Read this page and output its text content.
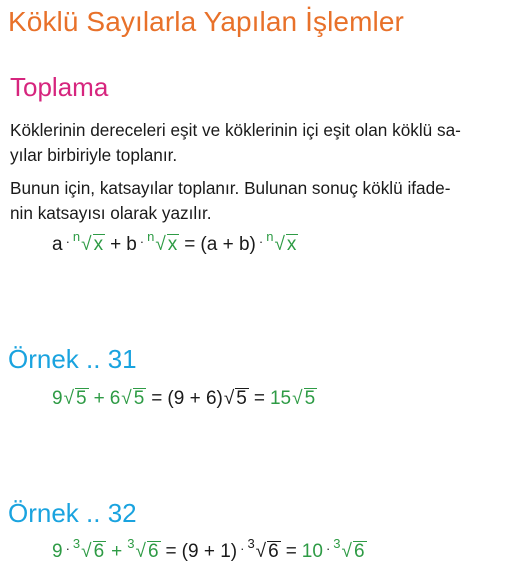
Köklü Sayılarla Yapılan İşlemler
Toplama
Köklerinin dereceleri eşit ve köklerinin içi eşit olan köklü sa-
yılar birbiriyle toplanır.
Bunun için, katsayılar toplanır. Bulunan sonuç köklü ifade-
nin katsayısı olarak yazılır.
a · n √ x + b · n √ x = (a + b) · n √ x
Örnek .. 31
9 √ 5 + 6 √ 5 = (9 + 6) √ 5 = 15 √ 5
Örnek .. 32
9 · 3 √ 6 + 3 √ 6 = (9 + 1) · 3 √ 6 = 10 · 3 √ 6
